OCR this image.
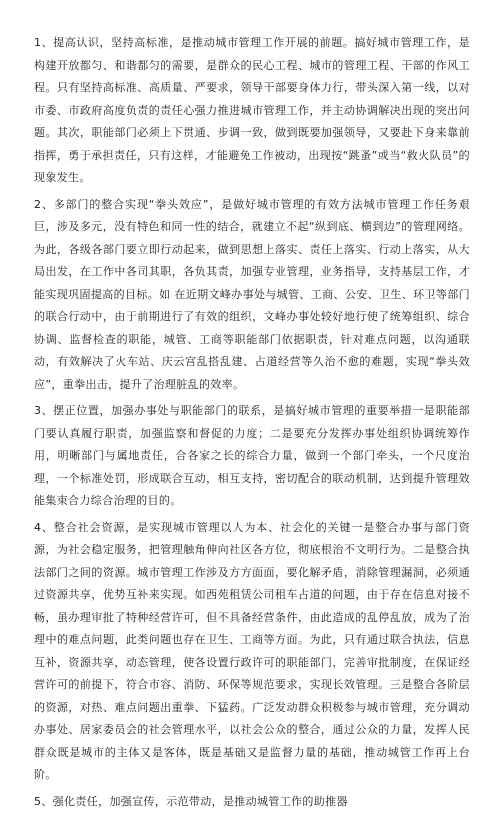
1、提高认识，坚持高标准，是推动城市管理工作开展的前题。搞好城市管理工作，是构建开放都匀、和谐都匀的需要，是群众的民心工程、城市的管理工程、干部的作风工程。只有坚持高标准、高质量、严要求，领导干部要身体力行，带头深入第一线，以对市委、市政府高度负责的责任心强力推进城市管理工作，并主动协调解决出现的突出问题。其次，职能部门必须上下贯通、步调一致，做到既要加强领导，又要赴下身来靠前指挥，勇于承担责任，只有这样，才能避免工作被动，出现按“跳蚤”或当“救火队员”的现象发生。

2、多部门的整合实现“拳头效应”，是做好城市管理的有效方法城市管理工作任务艰巨，涉及多元，没有特色和同一性的结合，就建立不起“纵到底、横到边”的管理网络。为此，各级各部门要立即行动起来，做到思想上落实、责任上落实、行动上落实，从大局出发，在工作中各司其职，各负其责，加强专业管理，业务指导，支持基层工作，才能实现巩固提高的目标。如 在近期文峰办事处与城管、工商、公安、卫生、环卫等部门的联合行动中，由于前期进行了有效的组织，文峰办事处较好地行使了统筹组织、综合协调、监督检查的职能，城管、工商等职能部门依据职责，针对难点问题，以沟通联动，有效解决了火车站、庆云宫乱搭乱建、占道经营等久治不愈的难题，实现“拳头效应”，重拳出击，提升了治理脏乱的效率。

3、摆正位置，加强办事处与职能部门的联系，是搞好城市管理的重要举措一是职能部门要认真履行职责，加强监察和督促的力度；二是要充分发挥办事处组织协调统筹作用，明晰部门与属地责任，合各家之长的综合力量，做到一个部门牵头，一个尺度治理，一个标准处罚，形成联合互动，相互支持，密切配合的联动机制，达到提升管理效能集束合力综合治理的目的。

4、整合社会资源，是实现城市管理以人为本、社会化的关键一是整合办事与部门资源，为社会稳定服务，把管理触角伸向社区各方位，彻底根治不文明行为。二是整合执法部门之间的资源。城市管理工作涉及方方面面，要化解矛盾，消除管理漏洞，必须通过资源共享，优势互补来实现。如西苑租赁公司租车占道的问题，由于存在信息对接不畅，虽办理审批了特种经营许可，但不具备经营条件，由此造成的乱停乱放，成为了治理中的难点问题，此类问题也存在卫生、工商等方面。为此，只有通过联合执法，信息互补，资源共享，动态管理，使各设置行政许可的职能部门，完善审批制度，在保证经营许可的前提下，符合市容、消防、环保等规范要求，实现长效管理。三是整合各阶层的资源，对热、难点问题出重拳、下猛药。广泛发动群众积极参与城市管理，充分调动办事处、居家委员会的社会管理水平，以社会公众的整合，通过公众的力量，发挥人民群众既是城市的主体又是客体，既是基础又是监督力量的基础，推动城管工作再上台阶。

5、强化责任，加强宣传，示范带动，是推动城管工作的助推器
